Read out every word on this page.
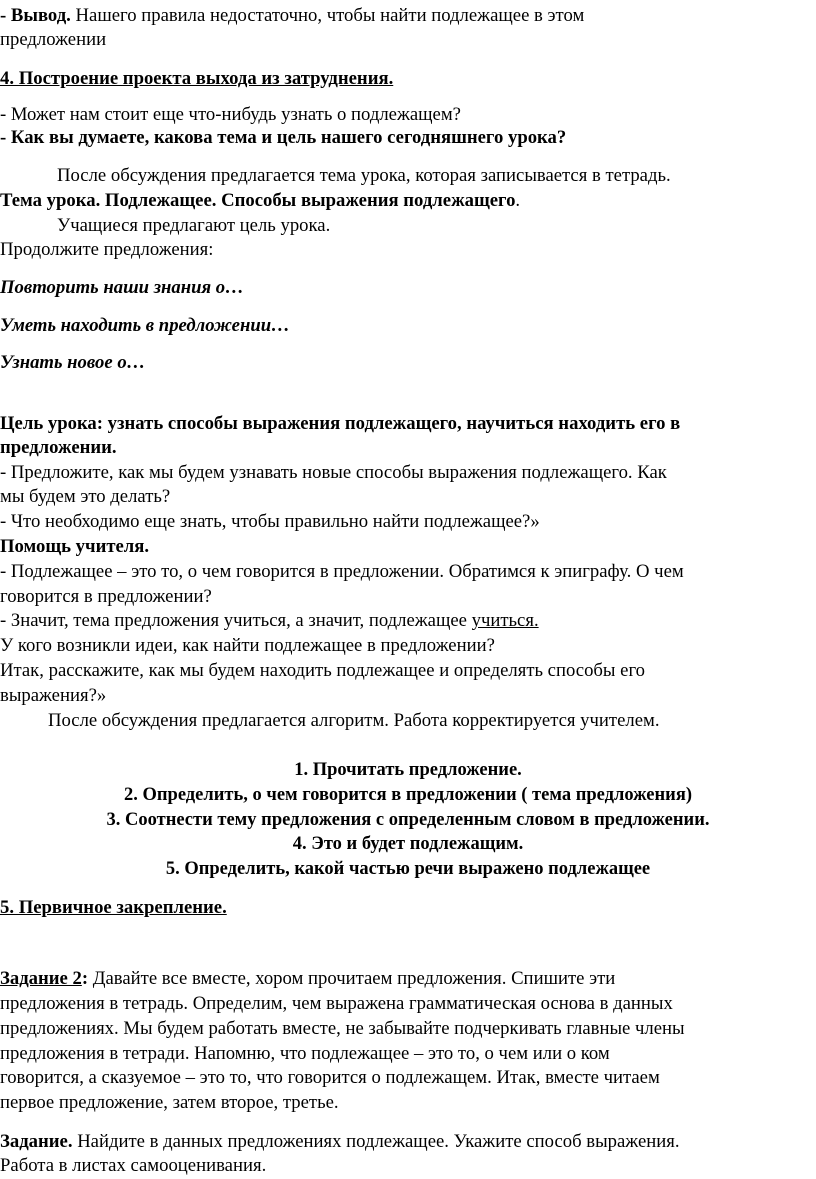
- Вывод. Нашего правила недостаточно, чтобы найти подлежащее в этом
предложении
4. Построение проекта выхода из затруднения.
- Может нам стоит еще что-нибудь узнать о подлежащем?
- Как вы думаете, какова тема и цель нашего сегодняшнего урока?
После обсуждения предлагается тема урока, которая записывается в тетрадь.
Тема урока. Подлежащее. Способы выражения подлежащего.
Учащиеся предлагают цель урока.
Продолжите предложения:
Повторить наши знания о…
Уметь находить в предложении…
Узнать новое о…
Цель урока: узнать способы выражения подлежащего, научиться находить его в
предложении.
- Предложите, как мы будем узнавать новые способы выражения подлежащего. Как
мы будем это делать?
- Что необходимо еще знать, чтобы правильно найти подлежащее?»
Помощь учителя.
- Подлежащее – это то, о чем говорится в предложении. Обратимся к эпиграфу. О чем
говорится в предложении?
- Значит, тема предложения учиться, а значит, подлежащее учиться.
У кого возникли идеи, как найти подлежащее в предложении?
Итак, расскажите, как мы будем находить подлежащее и определять способы его
выражения?»
После обсуждения предлагается алгоритм. Работа корректируется учителем.
1. Прочитать предложение.
2. Определить, о чем говорится в предложении ( тема предложения)
3. Соотнести тему предложения с определенным словом в предложении.
4. Это и будет подлежащим.
5. Определить, какой частью речи выражено подлежащее
5. Первичное закрепление.
Задание 2: Давайте все вместе, хором прочитаем предложения. Спишите эти
предложения в тетрадь. Определим, чем выражена грамматическая основа в данных
предложениях. Мы будем работать вместе, не забывайте подчеркивать главные члены
предложения в тетради. Напомню, что подлежащее – это то, о чем или о ком
говорится, а сказуемое – это то, что говорится о подлежащем. Итак, вместе читаем
первое предложение, затем второе, третье.
Задание. Найдите в данных предложениях подлежащее. Укажите способ выражения.
Работа в листах самооценивания.
